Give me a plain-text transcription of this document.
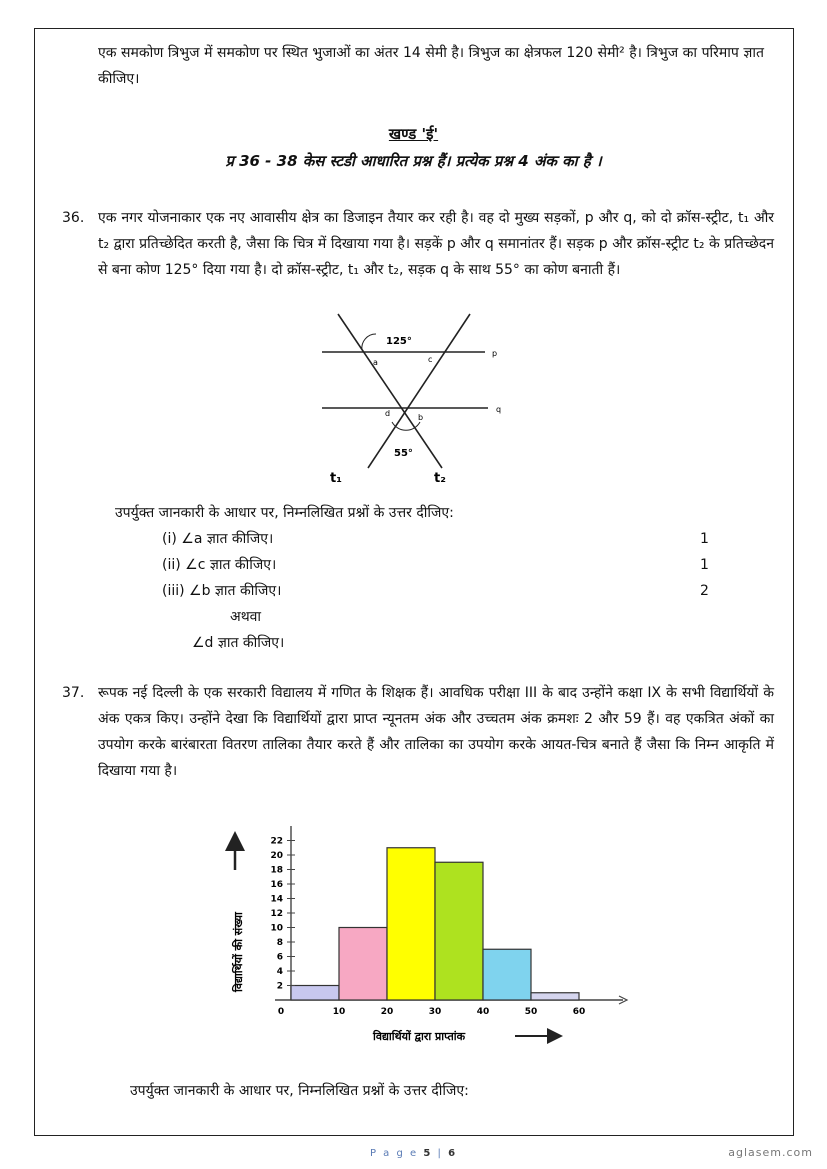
एक समकोण त्रिभुज में समकोण पर स्थित भुजाओं का अंतर 14 सेमी है। त्रिभुज का क्षेत्रफल 120 सेमी² है। त्रिभुज का परिमाप ज्ञात कीजिए।

खण्ड 'ई'
प्र 36 - 38 केस स्टडी आधारित प्रश्न हैं। प्रत्येक प्रश्न 4 अंक का है ।
36. एक नगर योजनाकार एक नए आवासीय क्षेत्र का डिजाइन तैयार कर रही है। वह दो मुख्य सड़कों, p और q, को दो क्रॉस-स्ट्रीट, t₁ और t₂ द्वारा प्रतिच्छेदित करती है, जैसा कि चित्र में दिखाया गया है। सड़कें p और q समानांतर हैं। सड़क p और क्रॉस-स्ट्रीट t₂ के प्रतिच्छेदन से बना कोण 125° दिया गया है। दो क्रॉस-स्ट्रीट, t₁ और t₂, सड़क q के साथ 55° का कोण बनाती हैं।

125°
55°
a	c
d	b
p
q
t₁	t₂
उपर्युक्त जानकारी के आधार पर, निम्नलिखित प्रश्नों के उत्तर दीजिए:
(i) ∠a ज्ञात कीजिए।	1
(ii) ∠c ज्ञात कीजिए।	1
(iii) ∠b ज्ञात कीजिए।	2
अथवा
∠d ज्ञात कीजिए।
37. रूपक नई दिल्ली के एक सरकारी विद्यालय में गणित के शिक्षक हैं। आवधिक परीक्षा III के बाद उन्होंने कक्षा IX के सभी विद्यार्थियों के अंक एकत्र किए। उन्होंने देखा कि विद्यार्थियों द्वारा प्राप्त न्यूनतम अंक और उच्चतम अंक क्रमशः 2 और 59 हैं। वह एकत्रित अंकों का उपयोग करके बारंबारता वितरण तालिका तैयार करते हैं और तालिका का उपयोग करके आयत-चित्र बनाते हैं जैसा कि निम्न आकृति में दिखाया गया है।

विद्यार्थियों की संख्या
विद्यार्थियों द्वारा प्राप्तांक
2
4
6
8
10
12
14
16
18
20
22
0	10	20	30	40	50	60
उपर्युक्त जानकारी के आधार पर, निम्नलिखित प्रश्नों के उत्तर दीजिए:
P a g e 5 | 6	aglasem.com
